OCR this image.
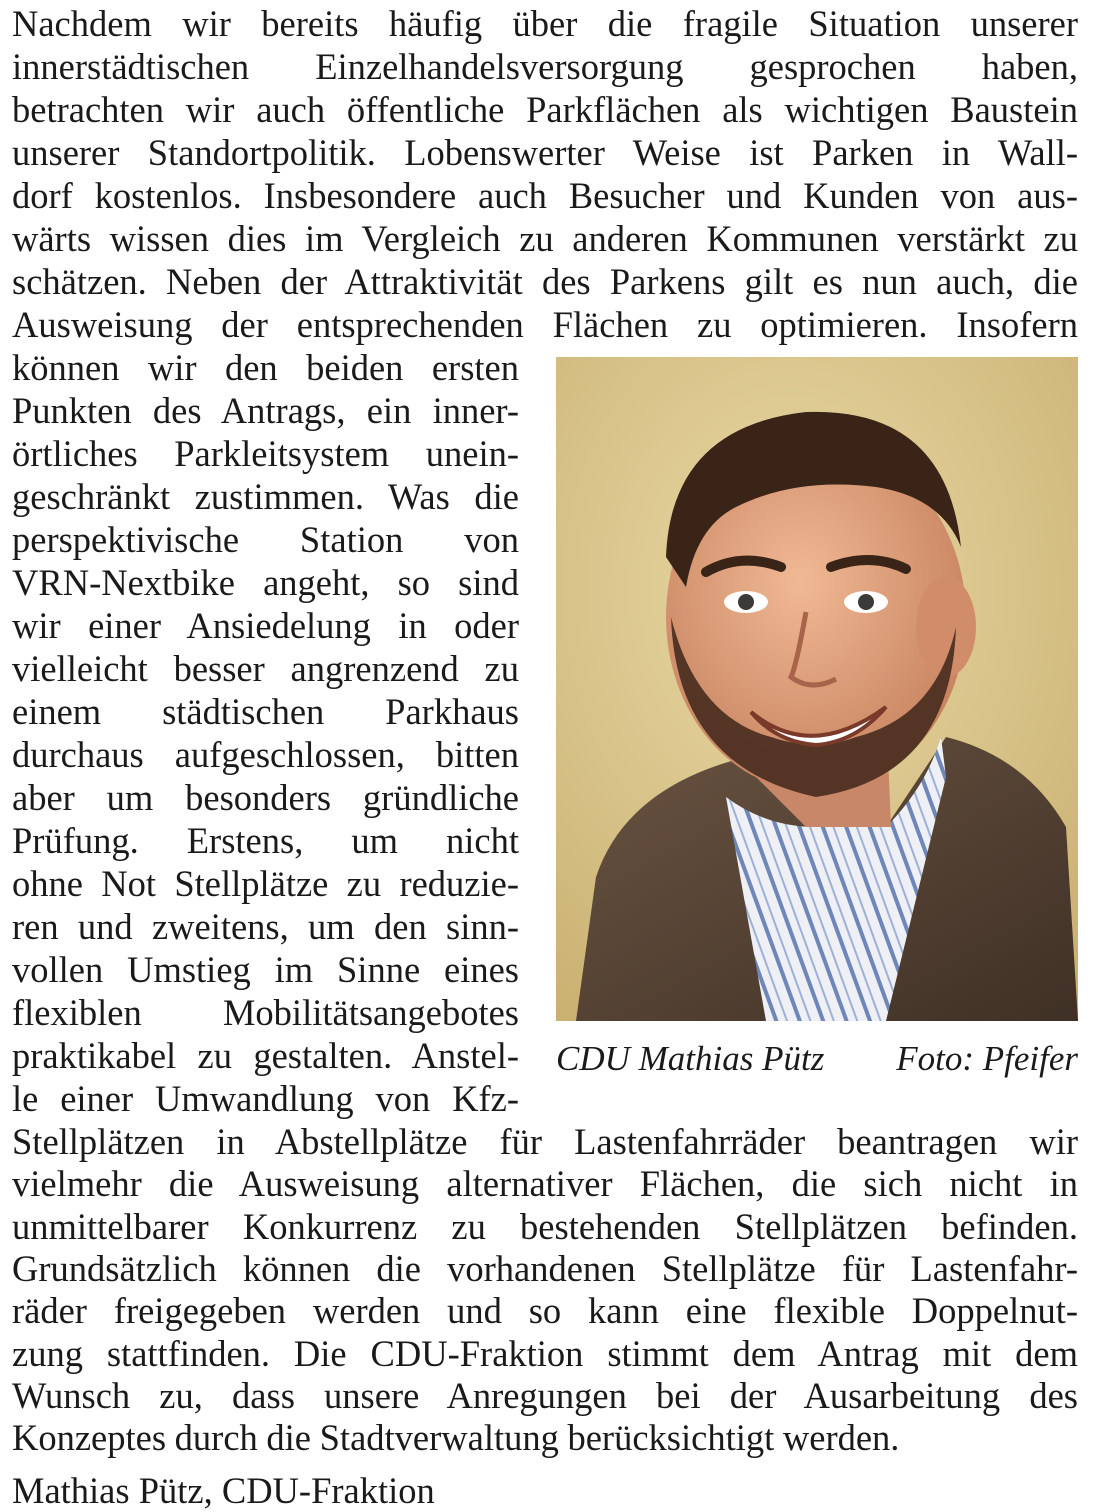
Nachdem wir bereits häufig über die fragile Situation unserer

innerstädtischen Einzelhandelsversorgung gesprochen haben,

betrachten wir auch öffentliche Parkflächen als wichtigen Baustein

unserer Standortpolitik. Lobenswerter Weise ist Parken in Wall-

dorf kostenlos. Insbesondere auch Besucher und Kunden von aus-

wärts wissen dies im Vergleich zu anderen Kommunen verstärkt zu

schätzen. Neben der Attraktivität des Parkens gilt es nun auch, die

Ausweisung der entsprechenden Flächen zu optimieren. Insofern

können wir den beiden ersten

Punkten des Antrags, ein inner-

örtliches Parkleitsystem unein-

geschränkt zustimmen. Was die

perspektivische Station von

VRN-Nextbike angeht, so sind

wir einer Ansiedelung in oder

vielleicht besser angrenzend zu

einem städtischen Parkhaus

durchaus aufgeschlossen, bitten

aber um besonders gründliche

Prüfung. Erstens, um nicht

ohne Not Stellplätze zu reduzie-

ren und zweitens, um den sinn-

vollen Umstieg im Sinne eines

flexiblen Mobilitätsangebotes

praktikabel zu gestalten. Anstel-

le einer Umwandlung von Kfz-

CDU Mathias Pütz Foto: Pfeifer

Stellplätzen in Abstellplätze für Lastenfahrräder beantragen wir

vielmehr die Ausweisung alternativer Flächen, die sich nicht in

unmittelbarer Konkurrenz zu bestehenden Stellplätzen befinden.

Grundsätzlich können die vorhandenen Stellplätze für Lastenfahr-

räder freigegeben werden und so kann eine flexible Doppelnut-

zung stattfinden. Die CDU-Fraktion stimmt dem Antrag mit dem

Wunsch zu, dass unsere Anregungen bei der Ausarbeitung des

Konzeptes durch die Stadtverwaltung berücksichtigt werden.

Mathias Pütz, CDU-Fraktion
